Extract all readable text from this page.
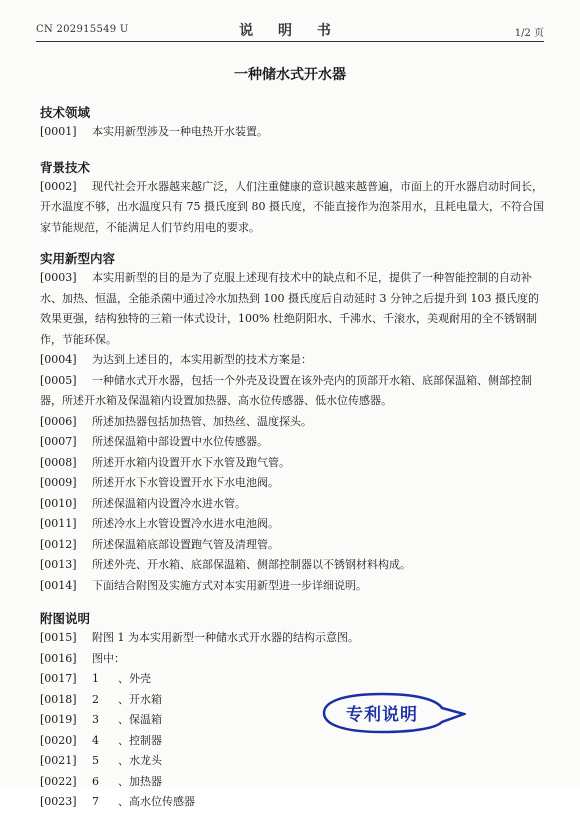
CN 202915549 U	说 明 书	1/2 页
一种储水式开水器
技术领域

[0001] 本实用新型涉及一种电热开水装置。

背景技术

[0002] 现代社会开水器越来越广泛，人们注重健康的意识越来越普遍，市面上的开水器启动时间长，开水温度不够，出水温度只有 75 摄氏度到 80 摄氏度，不能直接作为泡茶用水，且耗电量大，不符合国家节能规范，不能满足人们节约用电的要求。

实用新型内容

[0003] 本实用新型的目的是为了克服上述现有技术中的缺点和不足，提供了一种智能控制的自动补水、加热、恒温，全能杀菌中通过冷水加热到 100 摄氏度后自动延时 3 分钟之后提升到 103 摄氏度的效果更强，结构独特的三箱一体式设计，100% 杜绝阴阳水、千沸水、千滚水，美观耐用的全不锈钢制作，节能环保。

[0004] 为达到上述目的，本实用新型的技术方案是：

[0005] 一种储水式开水器，包括一个外壳及设置在该外壳内的顶部开水箱、底部保温箱、侧部控制器，所述开水箱及保温箱内设置加热器、高水位传感器、低水位传感器。

[0006] 所述加热器包括加热管、加热丝、温度探头。

[0007] 所述保温箱中部设置中水位传感器。

[0008] 所述开水箱内设置开水下水管及跑气管。

[0009] 所述开水下水管设置开水下水电池阀。

[0010] 所述保温箱内设置冷水进水管。

[0011] 所述冷水上水管设置冷水进水电池阀。

[0012] 所述保温箱底部设置跑气管及清理管。

[0013] 所述外壳、开水箱、底部保温箱、侧部控制器以不锈钢材料构成。

[0014] 下面结合附图及实施方式对本实用新型进一步详细说明。

附图说明

[0015] 附图 1 为本实用新型一种储水式开水器的结构示意图。

[0016] 图中：

[0017] 1 、外壳
[0018] 2 、开水箱
[0019] 3 、保温箱
[0020] 4 、控制器
[0021] 5 、水龙头
[0022] 6 、加热器
[0023] 7 、高水位传感器
专利说明
